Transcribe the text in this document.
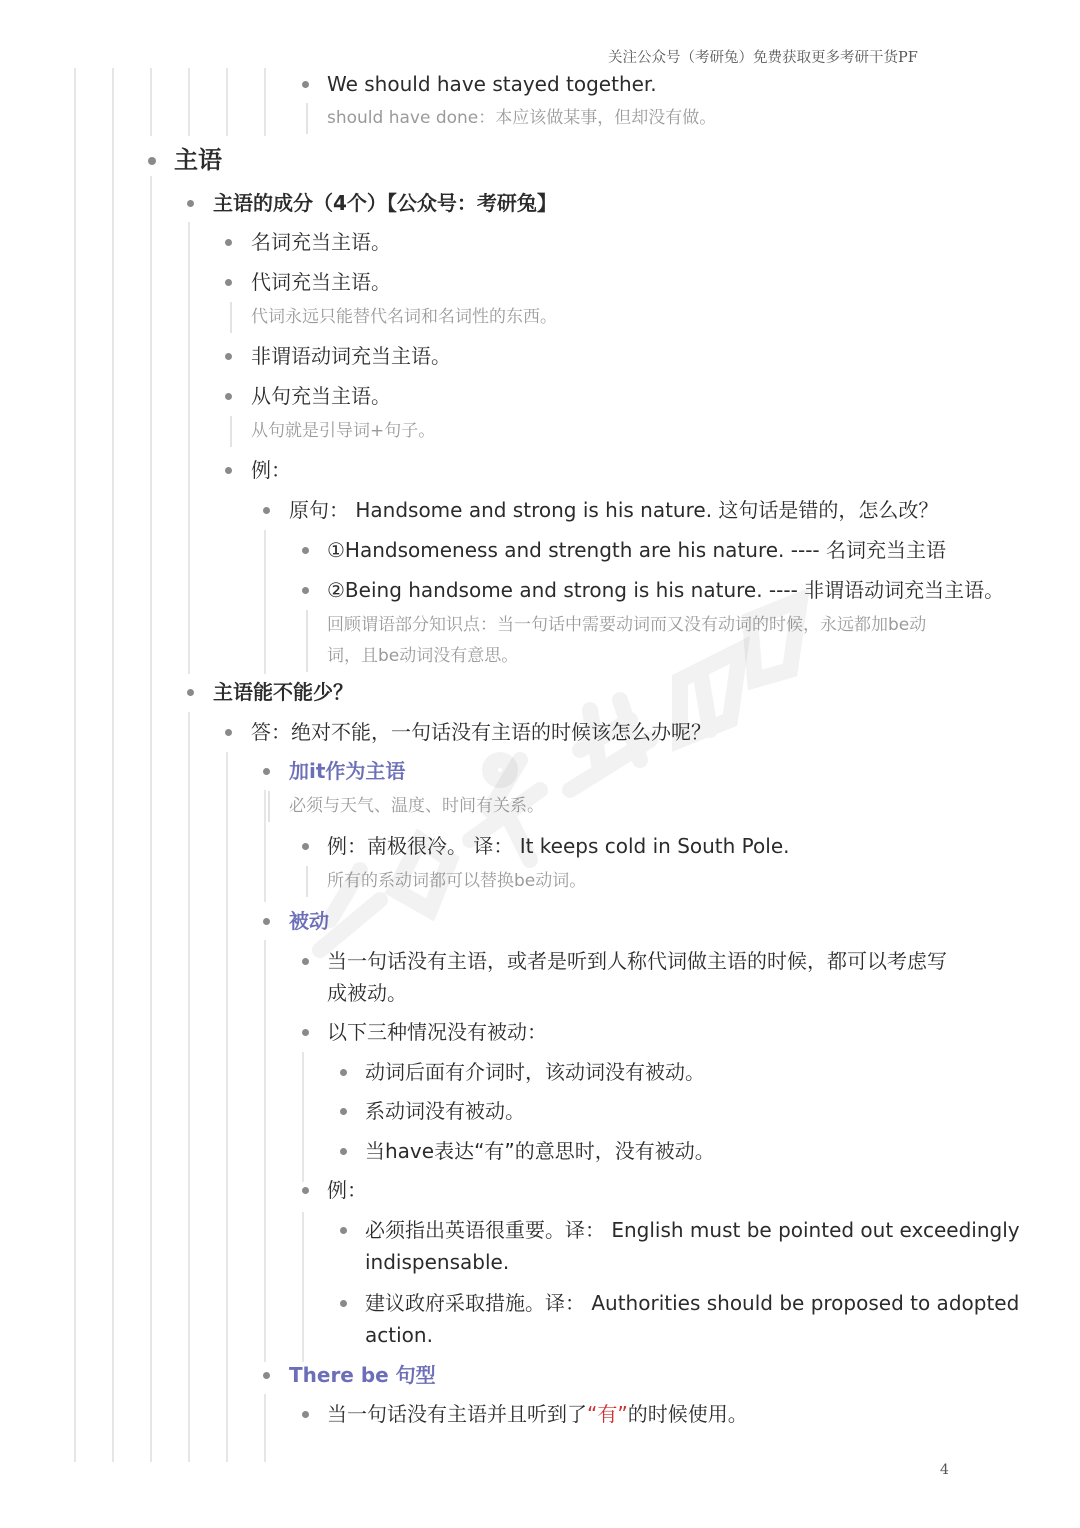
关注公众号（考研兔）免费获取更多考研干货PF
We should have stayed together.
should have done：本应该做某事，但却没有做。
主语
主语的成分（4个）【公众号：考研兔】
名词充当主语。
代词充当主语。
代词永远只能替代名词和名词性的东西。
非谓语动词充当主语。
从句充当主语。
从句就是引导词+句子。
例：
原句： Handsome and strong is his nature. 这句话是错的，怎么改？
①Handsomeness and strength are his nature. ---- 名词充当主语
②Being handsome and strong is his nature. ---- 非谓语动词充当主语。
回顾谓语部分知识点：当一句话中需要动词而又没有动词的时候，永远都加be动
词，且be动词没有意思。
主语能不能少？
答：绝对不能，一句话没有主语的时候该怎么办呢？
加it作为主语
必须与天气、温度、时间有关系。
例：南极很冷。 译： It keeps cold in South Pole.
所有的系动词都可以替换be动词。
被动
当一句话没有主语，或者是听到人称代词做主语的时候，都可以考虑写
成被动。
以下三种情况没有被动：
动词后面有介词时，该动词没有被动。
系动词没有被动。
当have表达“有”的意思时，没有被动。
例：
必须指出英语很重要。译： English must be pointed out exceedingly
indispensable.
建议政府采取措施。译： Authorities should be proposed to adopted
action.
There be 句型
当一句话没有主语并且听到了“有”的时候使用。
4
